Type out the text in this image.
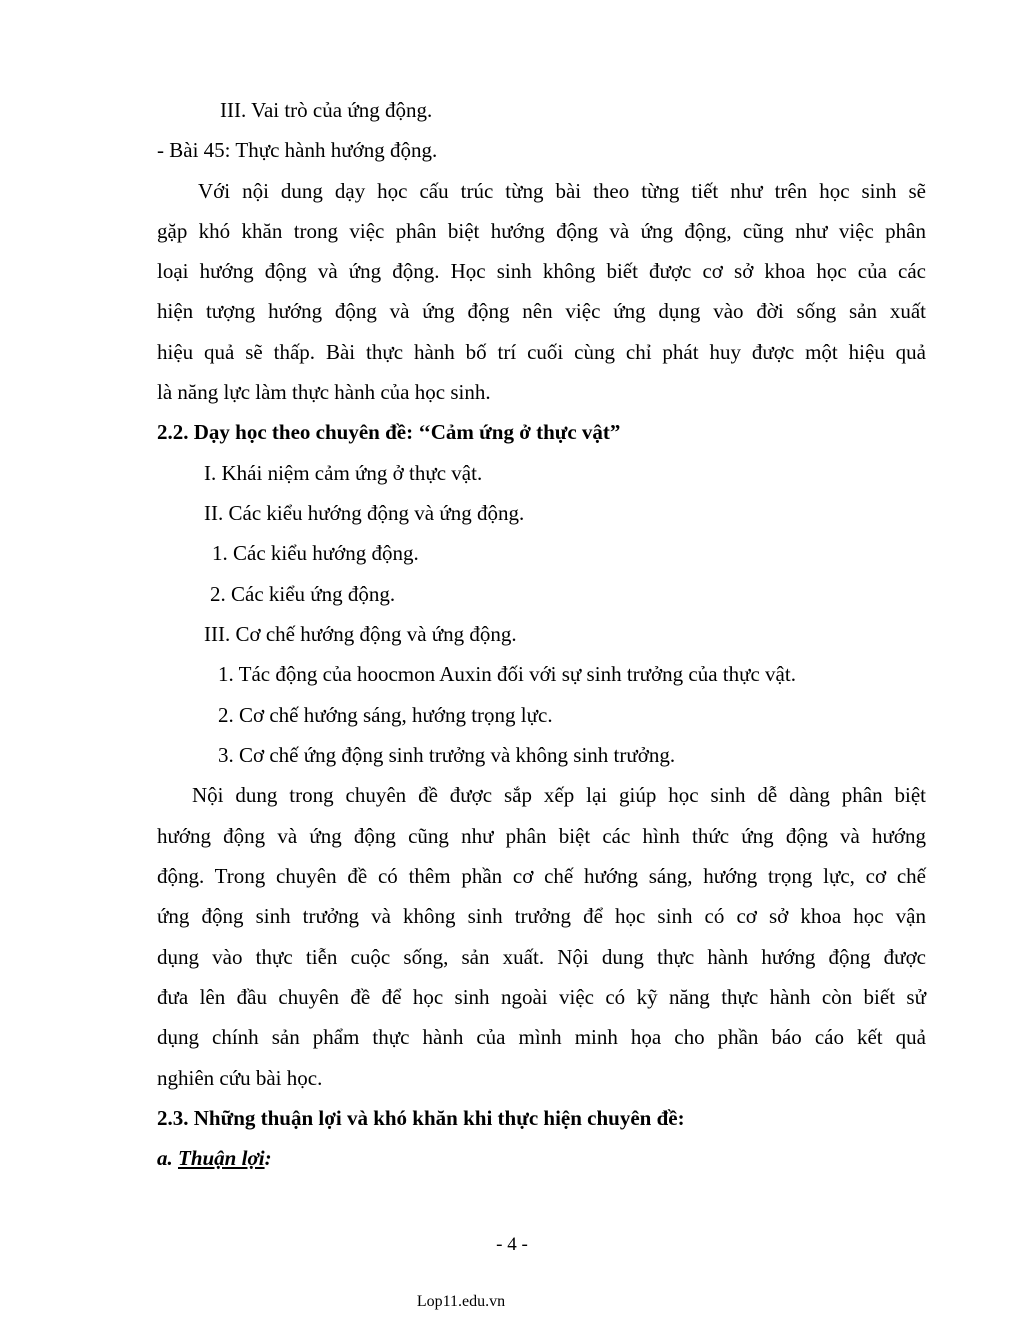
III. Vai trò của ứng động.
- Bài 45: Thực hành hướng động.
Với nội dung dạy học cấu trúc từng bài theo từng tiết như trên học sinh sẽ
gặp khó khăn trong việc phân biệt hướng động và ứng động, cũng như việc phân
loại hướng động và ứng động. Học sinh không biết được cơ sở khoa học của các
hiện tượng hướng động và ứng động nên việc ứng dụng vào đời sống sản xuất
hiệu quả sẽ thấp. Bài thực hành bố trí cuối cùng chỉ phát huy được một hiệu quả
là năng lực làm thực hành của học sinh.
2.2. Dạy học theo chuyên đề: ‘‘Cảm ứng ở thực vật”
I. Khái niệm cảm ứng ở thực vật.
II. Các kiểu hướng động và ứng động.
1. Các kiểu hướng động.
2. Các kiểu ứng động.
III. Cơ chế hướng động và ứng động.
1. Tác động của hoocmon Auxin đối với sự sinh trưởng của thực vật.
2. Cơ chế hướng sáng, hướng trọng lực.
3. Cơ chế ứng động sinh trưởng và không sinh trưởng.
Nội dung trong chuyên đề được sắp xếp lại giúp học sinh dễ dàng phân biệt
hướng động và ứng động cũng như phân biệt các hình thức ứng động và hướng
động. Trong chuyên đề có thêm phần cơ chế hướng sáng, hướng trọng lực, cơ chế
ứng động sinh trưởng và không sinh trưởng để học sinh có cơ sở khoa học vận
dụng vào thực tiễn cuộc sống, sản xuất. Nội dung thực hành hướng động được
đưa lên đầu chuyên đề để học sinh ngoài việc có kỹ năng thực hành còn biết sử
dụng chính sản phẩm thực hành của mình minh họa cho phần báo cáo kết quả
nghiên cứu bài học.
2.3. Những thuận lợi và khó khăn khi thực hiện chuyên đề:
a. Thuận lợi:
- 4 -
Lop11.edu.vn
